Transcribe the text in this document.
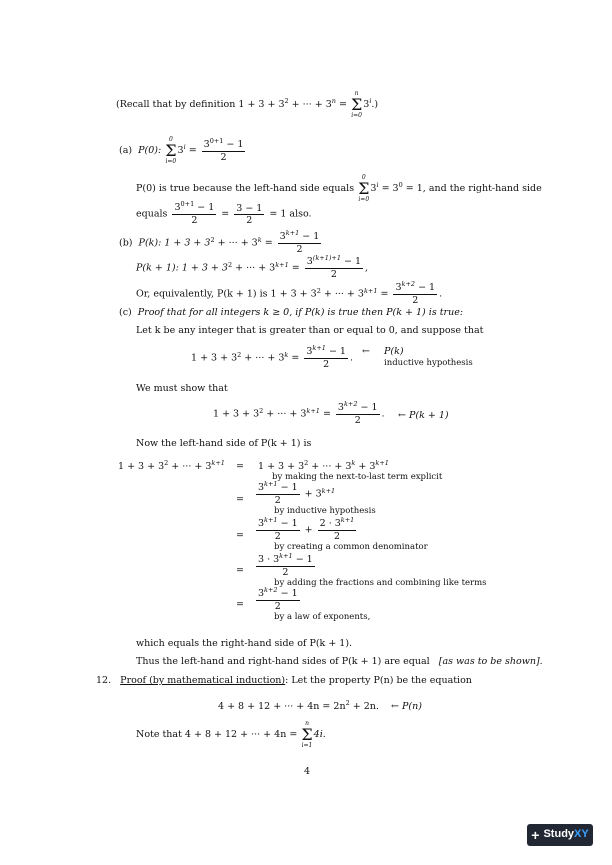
(Recall that by definition $1 + 3 + 3^2$ + ··· + $3^n$ =
n
Σ
i=0
3$^i$.)
(a) P(0):
0
Σ
i=0
$3^i = \frac{3^{0+1} - 1}{2}$
P(0) is true because the left-hand side equals
0
Σ
i=0
$3^i = 3^0 = 1$, and the right-hand side
equals $\frac{3^{0+1} - 1}{2} = \frac{3 - 1}{2} = 1$ also.
(b) P(k): $1 + 3 + 3^2$ + ··· + $3^k = \frac{3^{k+1} - 1}{2}$
P(k + 1): $1 + 3 + 3^2$ + ··· + $3^{k+1} = \frac{3^{(k+1)+1} - 1}{2}$ ,
Or, equivalently, P(k + 1) is $1 + 3 + 3^2$ + ··· + $3^{k+1} = \frac{3^{k+2} - 1}{2}$ .
(c) Proof that for all integers k ≥ 0, if P(k) is true then P(k + 1) is true:
Let k be any integer that is greater than or equal to 0, and suppose that
$1 + 3 + 3^2$ + ··· + $3^k = \frac{3^{k+1} - 1}{2}$ .
← P(k)
inductive hypothesis
We must show that
$1 + 3 + 3^2$ + ··· + $3^{k+1} = \frac{3^{k+2} - 1}{2}$ . ← P(k + 1)
Now the left-hand side of P(k + 1) is
$1 + 3 + 3^2$ + ··· + $3^{k+1} = 1 + 3 + 3^2$ + ··· + $3^k + 3^{k+1}$
by making the next-to-last term explicit
= $\frac{3^{k+1} - 1}{2} + 3^{k+1}$
by inductive hypothesis
= $\frac{3^{k+1} - 1}{2} + \frac{2 \cdot 3^{k+1}}{2}$
by creating a common denominator
= $\frac{3 \cdot 3^{k+1} - 1}{2}$
by adding the fractions and combining like terms
= $\frac{3^{k+2} - 1}{2}$
by a law of exponents,
which equals the right-hand side of P(k + 1).
Thus the left-hand and right-hand sides of P(k + 1) are equal [as was to be shown].
12. Proof (by mathematical induction): Let the property P(n) be the equation
4 + 8 + 12 + ··· + $4n = 2n^2 + 2n$. ← P(n)
Note that 4 + 8 + 12 + ··· + 4n =
n
Σ
i=1
4i.
4
+ StudyXY
